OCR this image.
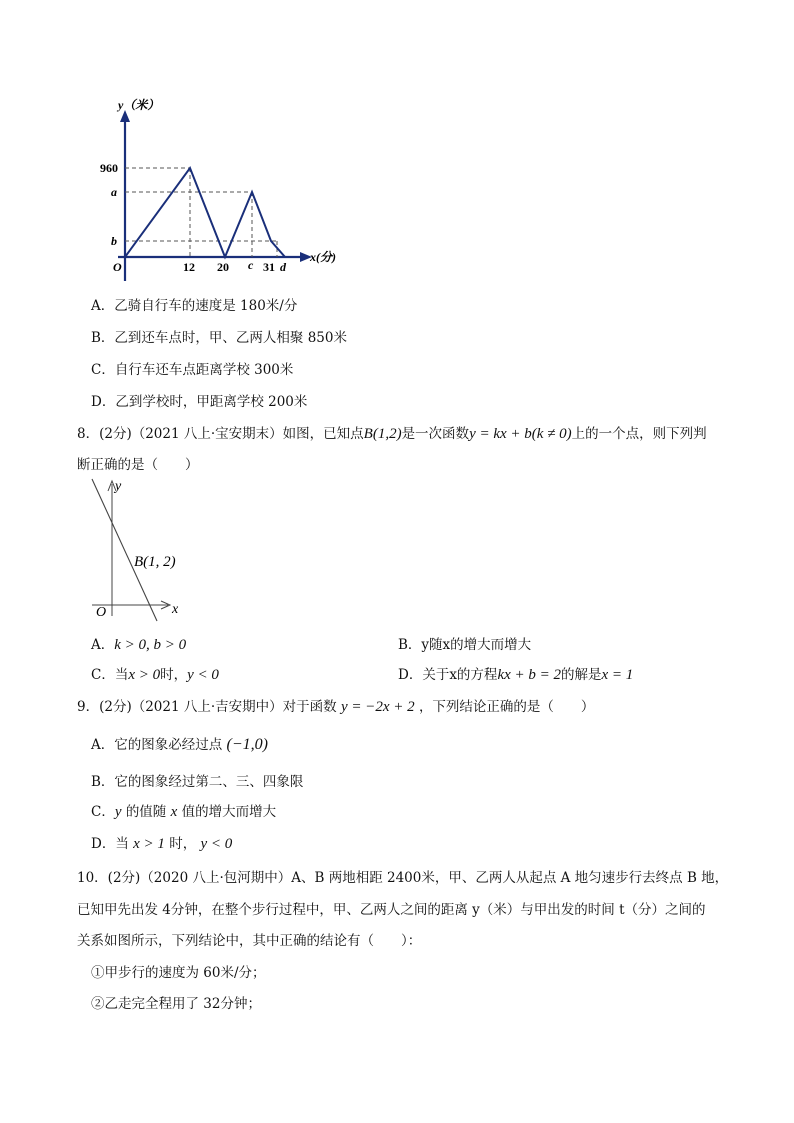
y（米）
960
a
b
O	12 20 c 31 d
x(分)
A．乙骑自行车的速度是 180米/分
B．乙到还车点时，甲、乙两人相聚 850米
C．自行车还车点距离学校 300米
D．乙到学校时，甲距离学校 200米
8．(2分)（2021 八上·宝安期末）如图，已知点B(1,2)是一次函数y = kx + b(k ≠ 0)上的一个点，则下列判
断正确的是（　　）
y
x
O
B(1, 2)
A．k > 0, b > 0	B．y随x的增大而增大
C．当x > 0时，y < 0	D．关于x的方程kx + b = 2的解是x = 1
9．(2分)（2021 八上·吉安期中）对于函数 y = −2x + 2 ，下列结论正确的是（　　）
A．它的图象必经过点 (−1,0)
B．它的图象经过第二、三、四象限
C．y 的值随 x 值的增大而增大
D．当 x > 1 时， y < 0
10．(2分)（2020 八上·包河期中）A、B 两地相距 2400米，甲、乙两人从起点 A 地匀速步行去终点 B 地，
已知甲先出发 4分钟，在整个步行过程中，甲、乙两人之间的距离 y（米）与甲出发的时间 t（分）之间的
关系如图所示，下列结论中，其中正确的结论有（　　）：
①甲步行的速度为 60米/分；
②乙走完全程用了 32分钟；
